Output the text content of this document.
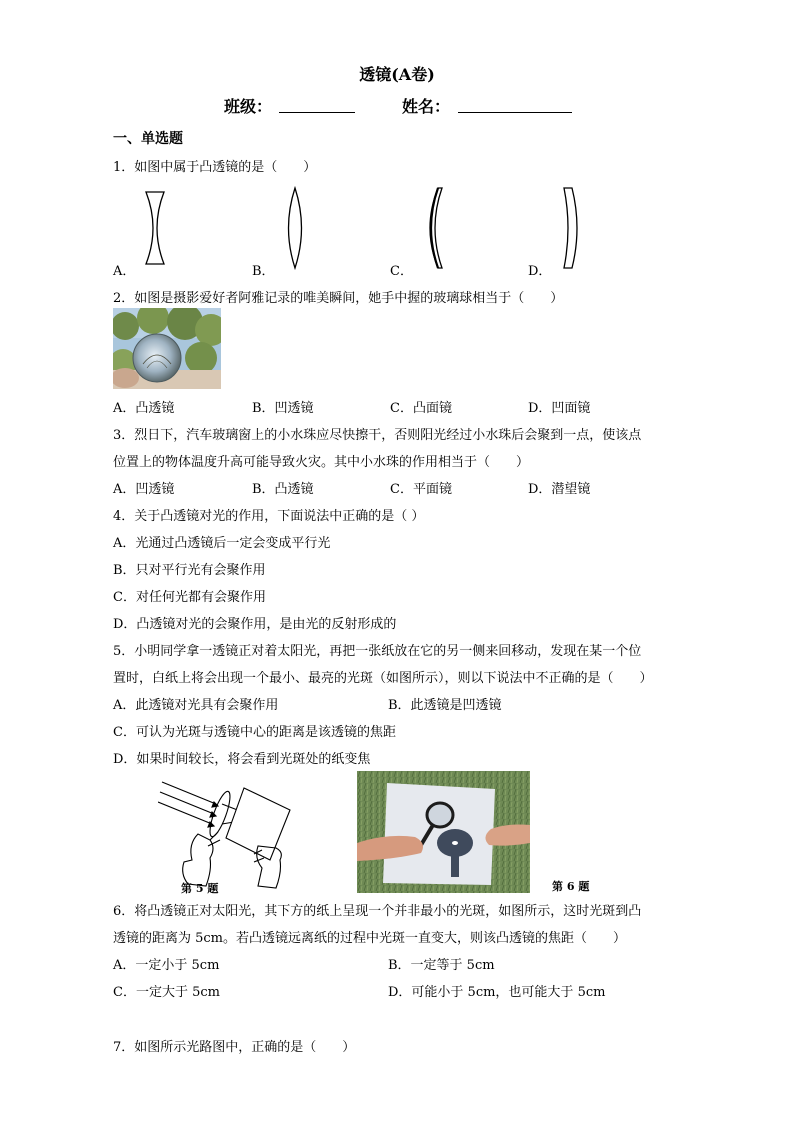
透镜(A卷)
班级：	姓名：
一、单选题
1．如图中属于凸透镜的是（　　）
A．	B．	C．	D．
2．如图是摄影爱好者阿雅记录的唯美瞬间，她手中握的玻璃球相当于（　　）
A．凸透镜	B．凹透镜	C．凸面镜	D．凹面镜
3．烈日下，汽车玻璃窗上的小水珠应尽快擦干，否则阳光经过小水珠后会聚到一点，使该点
位置上的物体温度升高可能导致火灾。其中小水珠的作用相当于（　　）
A．凹透镜	B．凸透镜	C．平面镜	D．潜望镜
4．关于凸透镜对光的作用，下面说法中正确的是（ ）
A．光通过凸透镜后一定会变成平行光
B．只对平行光有会聚作用
C．对任何光都有会聚作用
D．凸透镜对光的会聚作用，是由光的反射形成的
5．小明同学拿一透镜正对着太阳光，再把一张纸放在它的另一侧来回移动，发现在某一个位
置时，白纸上将会出现一个最小、最亮的光斑（如图所示），则以下说法中不正确的是（　　）
A．此透镜对光具有会聚作用	B．此透镜是凹透镜
C．可认为光斑与透镜中心的距离是该透镜的焦距
D．如果时间较长，将会看到光斑处的纸变焦
第 5 题	第 6 题
6．将凸透镜正对太阳光，其下方的纸上呈现一个并非最小的光斑，如图所示，这时光斑到凸
透镜的距离为 5cm。若凸透镜远离纸的过程中光斑一直变大，则该凸透镜的焦距（　　）
A．一定小于 5cm	B．一定等于 5cm
C．一定大于 5cm	D．可能小于 5cm，也可能大于 5cm
7．如图所示光路图中，正确的是（　　）
